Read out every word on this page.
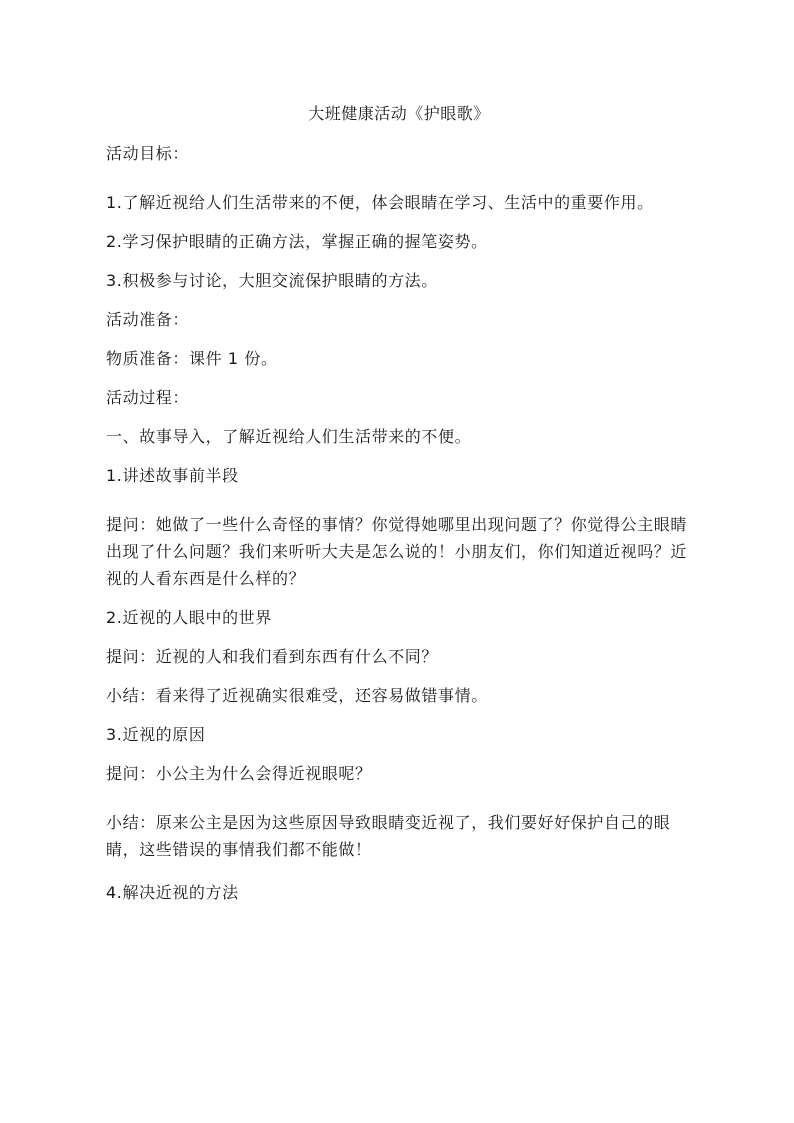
大班健康活动《护眼歌》
活动目标：
1.了解近视给人们生活带来的不便，体会眼睛在学习、生活中的重要作用。
2.学习保护眼睛的正确方法，掌握正确的握笔姿势。
3.积极参与讨论，大胆交流保护眼睛的方法。
活动准备：
物质准备：课件 1 份。
活动过程：
一、故事导入，了解近视给人们生活带来的不便。
1.讲述故事前半段
提问：她做了一些什么奇怪的事情？你觉得她哪里出现问题了？你觉得公主眼睛出现了什么问题？我们来听听大夫是怎么说的！小朋友们，你们知道近视吗？近视的人看东西是什么样的？
2.近视的人眼中的世界
提问：近视的人和我们看到东西有什么不同？
小结：看来得了近视确实很难受，还容易做错事情。
3.近视的原因
提问：小公主为什么会得近视眼呢？
小结：原来公主是因为这些原因导致眼睛变近视了，我们要好好保护自己的眼睛，这些错误的事情我们都不能做！
4.解决近视的方法
